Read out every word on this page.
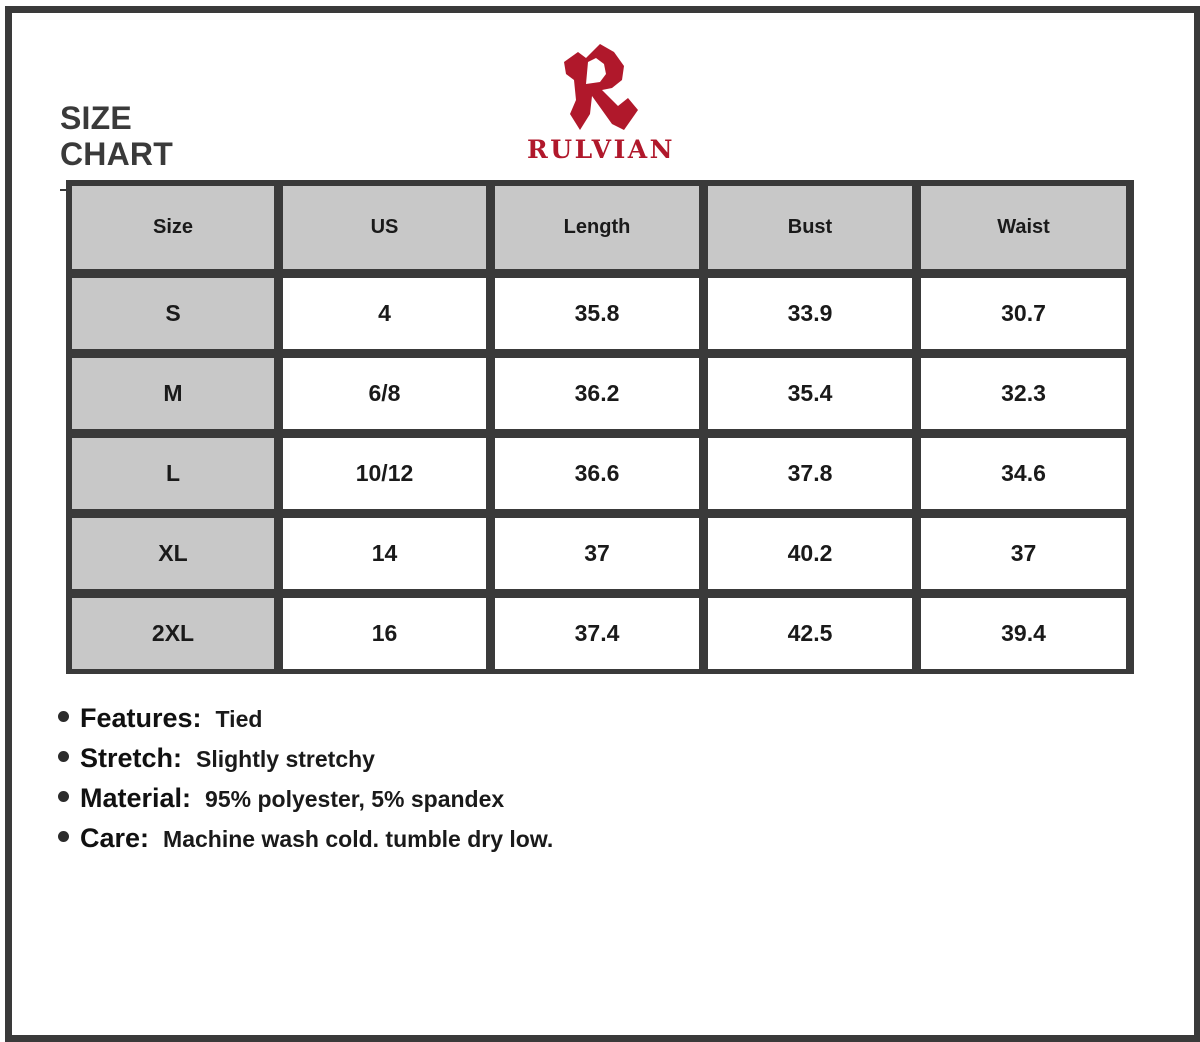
SIZE CHART	RULVIAN
Size	US	Length	Bust	Waist
S	4	35.8	33.9	30.7
M	6/8	36.2	35.4	32.3
L	10/12	36.6	37.8	34.6
XL	14	37	40.2	37
2XL	16	37.4	42.5	39.4
Features: Tied
Stretch: Slightly stretchy
Material: 95% polyester, 5% spandex
Care: Machine wash cold. tumble dry low.
